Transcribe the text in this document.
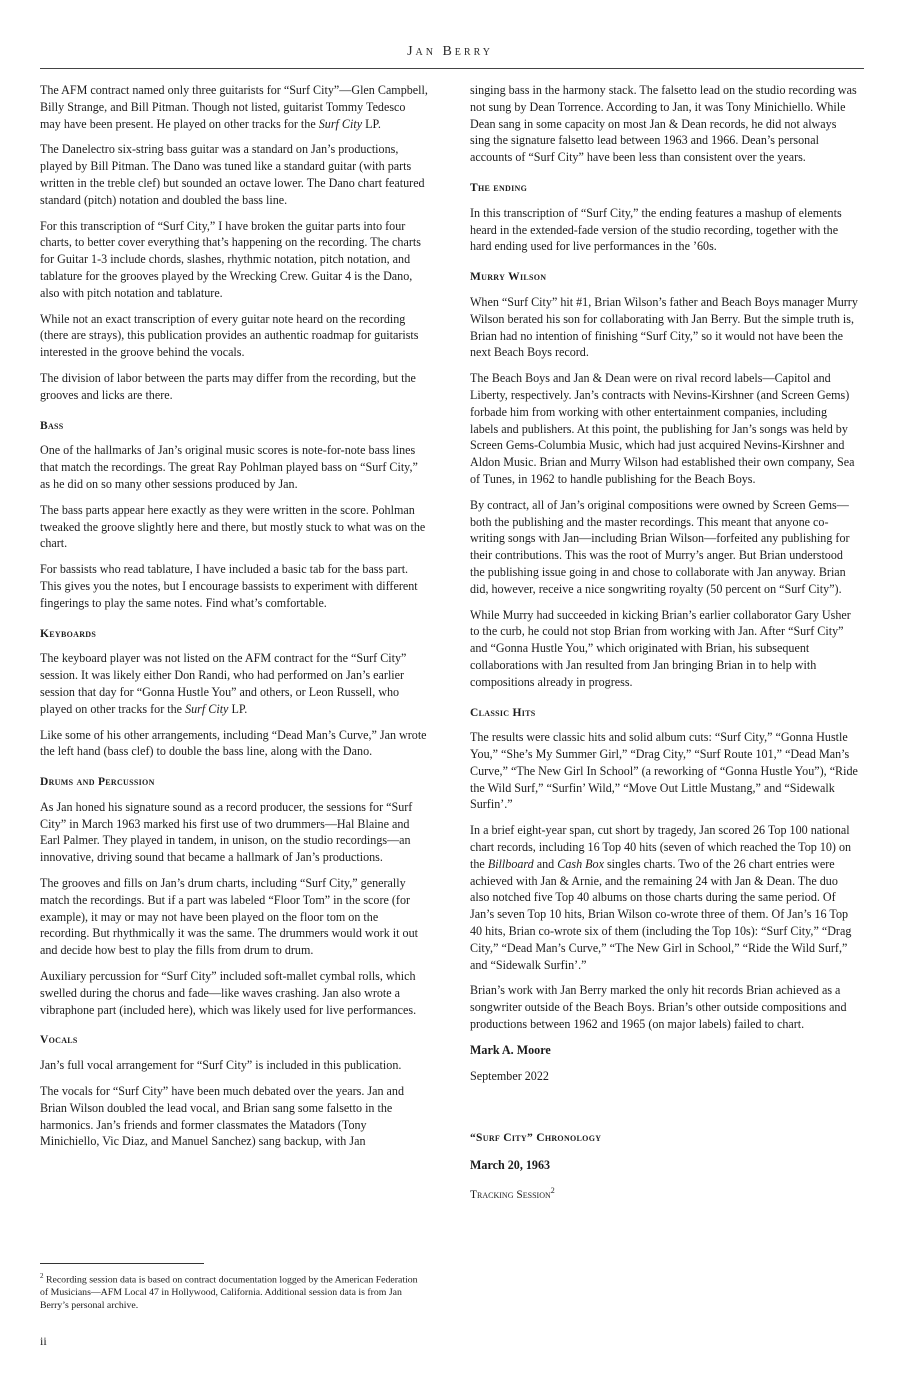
Jan Berry

The AFM contract named only three guitarists for “Surf City”—Glen Campbell, Billy Strange, and Bill Pitman. Though not listed, guitarist Tommy Tedesco may have been present. He played on other tracks for the Surf City LP.

The Danelectro six-string bass guitar was a standard on Jan’s productions, played by Bill Pitman. The Dano was tuned like a standard guitar (with parts written in the treble clef) but sounded an octave lower. The Dano chart featured standard (pitch) notation and doubled the bass line.

For this transcription of “Surf City,” I have broken the guitar parts into four charts, to better cover everything that’s happening on the recording. The charts for Guitar 1-3 include chords, slashes, rhythmic notation, pitch notation, and tablature for the grooves played by the Wrecking Crew. Guitar 4 is the Dano, also with pitch notation and tablature.

While not an exact transcription of every guitar note heard on the recording (there are strays), this publication provides an authentic roadmap for guitarists interested in the groove behind the vocals.

The division of labor between the parts may differ from the recording, but the grooves and licks are there.

Bass

One of the hallmarks of Jan’s original music scores is note-for-note bass lines that match the recordings. The great Ray Pohlman played bass on “Surf City,” as he did on so many other sessions produced by Jan.

The bass parts appear here exactly as they were written in the score. Pohlman tweaked the groove slightly here and there, but mostly stuck to what was on the chart.

For bassists who read tablature, I have included a basic tab for the bass part. This gives you the notes, but I encourage bassists to experiment with different fingerings to play the same notes. Find what’s comfortable.

Keyboards

The keyboard player was not listed on the AFM contract for the “Surf City” session. It was likely either Don Randi, who had performed on Jan’s earlier session that day for “Gonna Hustle You” and others, or Leon Russell, who played on other tracks for the Surf City LP.

Like some of his other arrangements, including “Dead Man’s Curve,” Jan wrote the left hand (bass clef) to double the bass line, along with the Dano.

Drums and Percussion

As Jan honed his signature sound as a record producer, the sessions for “Surf City” in March 1963 marked his first use of two drummers—Hal Blaine and Earl Palmer. They played in tandem, in unison, on the studio recordings—an innovative, driving sound that became a hallmark of Jan’s productions.

The grooves and fills on Jan’s drum charts, including “Surf City,” generally match the recordings. But if a part was labeled “Floor Tom” in the score (for example), it may or may not have been played on the floor tom on the recording. But rhythmically it was the same. The drummers would work it out and decide how best to play the fills from drum to drum.

Auxiliary percussion for “Surf City” included soft-mallet cymbal rolls, which swelled during the chorus and fade—like waves crashing. Jan also wrote a vibraphone part (included here), which was likely used for live performances.

Vocals

Jan’s full vocal arrangement for “Surf City” is included in this publication.

The vocals for “Surf City” have been much debated over the years. Jan and Brian Wilson doubled the lead vocal, and Brian sang some falsetto in the harmonics. Jan’s friends and former classmates the Matadors (Tony Minichiello, Vic Diaz, and Manuel Sanchez) sang backup, with Jan

singing bass in the harmony stack. The falsetto lead on the studio recording was not sung by Dean Torrence. According to Jan, it was Tony Minichiello. While Dean sang in some capacity on most Jan & Dean records, he did not always sing the signature falsetto lead between 1963 and 1966. Dean’s personal accounts of “Surf City” have been less than consistent over the years.

The ending

In this transcription of “Surf City,” the ending features a mashup of elements heard in the extended-fade version of the studio recording, together with the hard ending used for live performances in the ’60s.

Murry Wilson

When “Surf City” hit #1, Brian Wilson’s father and Beach Boys manager Murry Wilson berated his son for collaborating with Jan Berry. But the simple truth is, Brian had no intention of finishing “Surf City,” so it would not have been the next Beach Boys record.

The Beach Boys and Jan & Dean were on rival record labels—Capitol and Liberty, respectively. Jan’s contracts with Nevins-Kirshner (and Screen Gems) forbade him from working with other entertainment companies, including labels and publishers. At this point, the publishing for Jan’s songs was held by Screen Gems-Columbia Music, which had just acquired Nevins-Kirshner and Aldon Music. Brian and Murry Wilson had established their own company, Sea of Tunes, in 1962 to handle publishing for the Beach Boys.

By contract, all of Jan’s original compositions were owned by Screen Gems—both the publishing and the master recordings. This meant that anyone co-writing songs with Jan—including Brian Wilson—forfeited any publishing for their contributions. This was the root of Murry’s anger. But Brian understood the publishing issue going in and chose to collaborate with Jan anyway. Brian did, however, receive a nice songwriting royalty (50 percent on “Surf City”).

While Murry had succeeded in kicking Brian’s earlier collaborator Gary Usher to the curb, he could not stop Brian from working with Jan. After “Surf City” and “Gonna Hustle You,” which originated with Brian, his subsequent collaborations with Jan resulted from Jan bringing Brian in to help with compositions already in progress.

Classic Hits

The results were classic hits and solid album cuts: “Surf City,” “Gonna Hustle You,” “She’s My Summer Girl,” “Drag City,” “Surf Route 101,” “Dead Man’s Curve,” “The New Girl In School” (a reworking of “Gonna Hustle You”), “Ride the Wild Surf,” “Surfin’ Wild,” “Move Out Little Mustang,” and “Sidewalk Surfin’.”

In a brief eight-year span, cut short by tragedy, Jan scored 26 Top 100 national chart records, including 16 Top 40 hits (seven of which reached the Top 10) on the Billboard and Cash Box singles charts. Two of the 26 chart entries were achieved with Jan & Arnie, and the remaining 24 with Jan & Dean. The duo also notched five Top 40 albums on those charts during the same period. Of Jan’s seven Top 10 hits, Brian Wilson co-wrote three of them. Of Jan’s 16 Top 40 hits, Brian co-wrote six of them (including the Top 10s): “Surf City,” “Drag City,” “Dead Man’s Curve,” “The New Girl in School,” “Ride the Wild Surf,” and “Sidewalk Surfin’.”

Brian’s work with Jan Berry marked the only hit records Brian achieved as a songwriter outside of the Beach Boys. Brian’s other outside compositions and productions between 1962 and 1965 (on major labels) failed to chart.

Mark A. Moore

September 2022

“Surf City” Chronology

March 20, 1963

Tracking Session$^2$

$^2$ Recording session data is based on contract documentation logged by the American Federation of Musicians—AFM Local 47 in Hollywood, California. Additional session data is from Jan Berry’s personal archive.
ii
